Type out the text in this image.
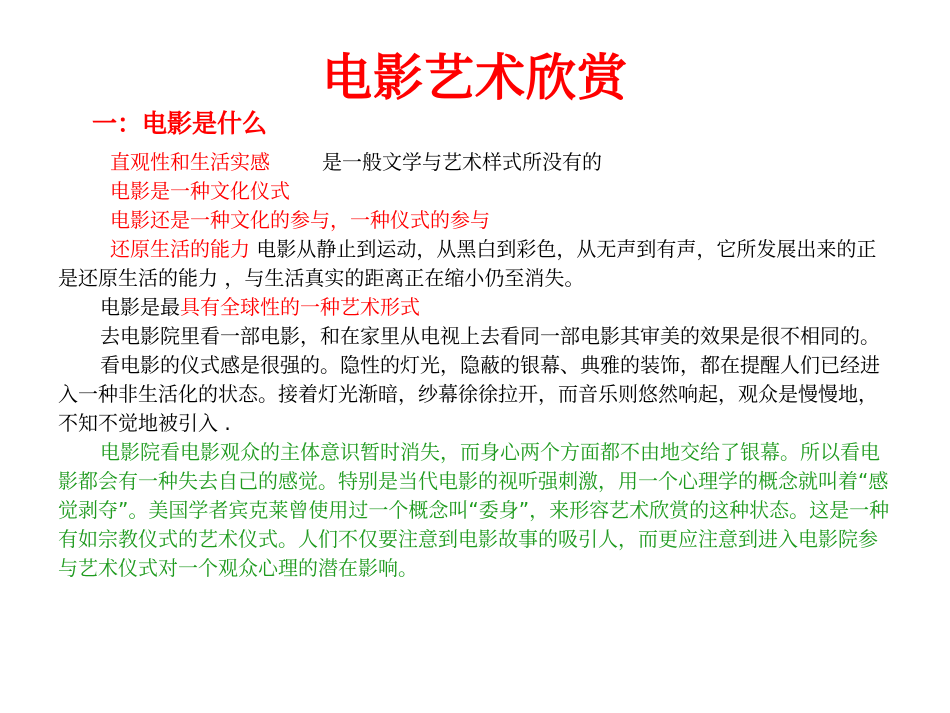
电影艺术欣赏
一：电影是什么

直观性和生活实感	是一般文学与艺术样式所没有的

电影是一种文化仪式

电影还是一种文化的参与，一种仪式的参与

还原生活的能力 电影从静止到运动，从黑白到彩色，从无声到有声，它所发展出来的正是还原生活的能力 ，与生活真实的距离正在缩小仍至消失。

电影是最具有全球性的一种艺术形式

去电影院里看一部电影，和在家里从电视上去看同一部电影其审美的效果是很不相同的。

看电影的仪式感是很强的。隐性的灯光，隐蔽的银幕、典雅的装饰，都在提醒人们已经进入一种非生活化的状态。接着灯光渐暗，纱幕徐徐拉开，而音乐则悠然响起，观众是慢慢地，不知不觉地被引入 .

电影院看电影观众的主体意识暂时消失，而身心两个方面都不由地交给了银幕。所以看电影都会有一种失去自己的感觉。特别是当代电影的视听强刺激，用一个心理学的概念就叫着“感觉剥夺”。美国学者宾克莱曾使用过一个概念叫“委身”，来形容艺术欣赏的这种状态。这是一种有如宗教仪式的艺术仪式。人们不仅要注意到电影故事的吸引人，而更应注意到进入电影院参与艺术仪式对一个观众心理的潜在影响。
